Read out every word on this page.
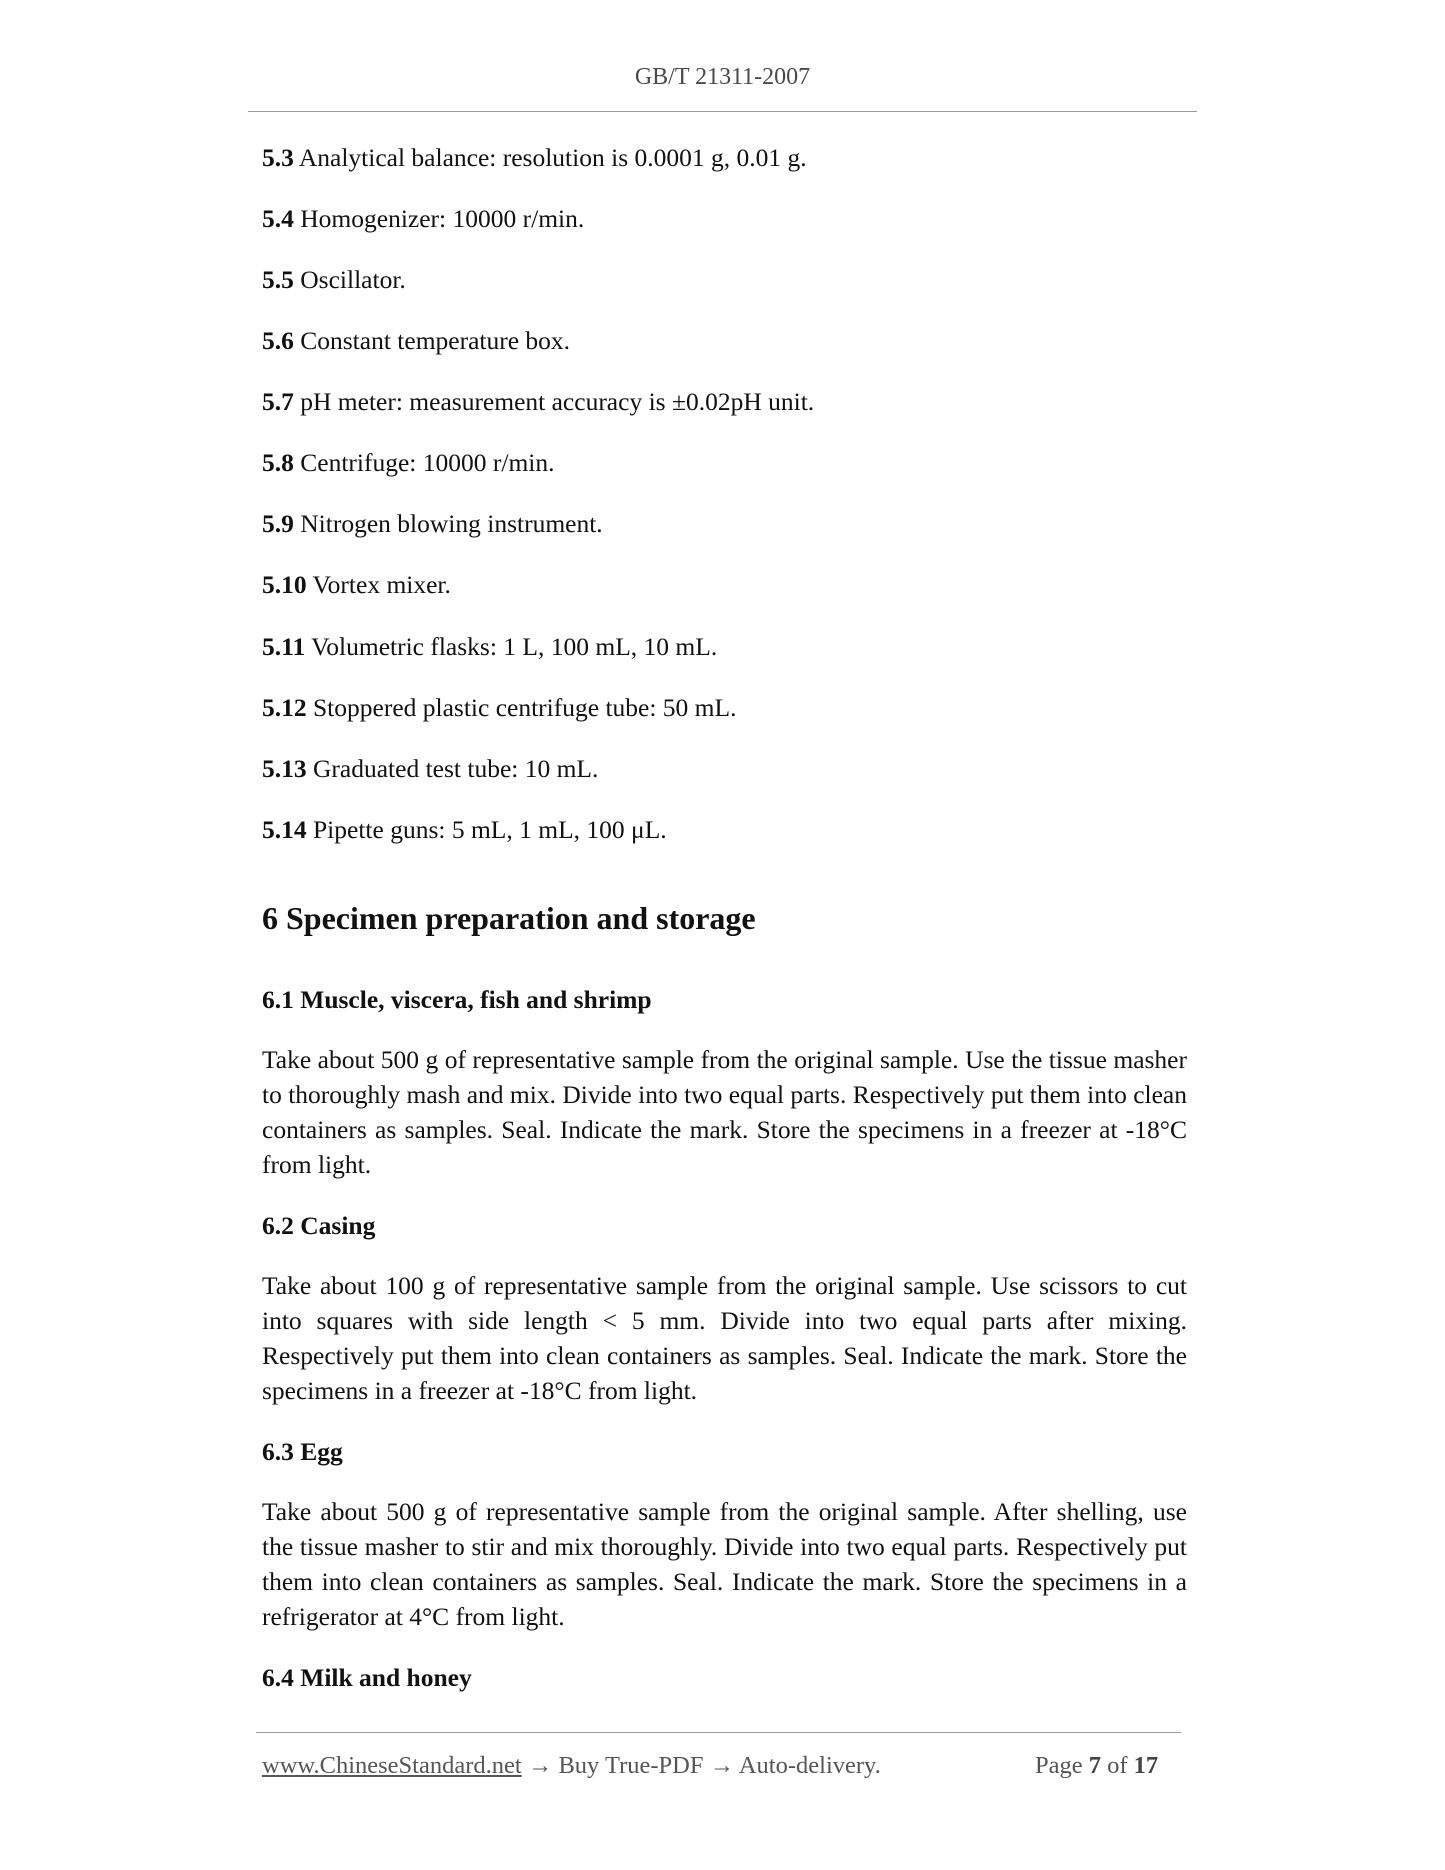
GB/T 21311-2007

5.3 Analytical balance: resolution is 0.0001 g, 0.01 g.

5.4 Homogenizer: 10000 r/min.

5.5 Oscillator.

5.6 Constant temperature box.

5.7 pH meter: measurement accuracy is ±0.02pH unit.

5.8 Centrifuge: 10000 r/min.

5.9 Nitrogen blowing instrument.

5.10 Vortex mixer.

5.11 Volumetric flasks: 1 L, 100 mL, 10 mL.

5.12 Stoppered plastic centrifuge tube: 50 mL.

5.13 Graduated test tube: 10 mL.

5.14 Pipette guns: 5 mL, 1 mL, 100 μL.

6 Specimen preparation and storage
6.1 Muscle, viscera, fish and shrimp

Take about 500 g of representative sample from the original sample. Use the tissue masher to thoroughly mash and mix. Divide into two equal parts. Respectively put them into clean containers as samples. Seal. Indicate the mark. Store the specimens in a freezer at -18°C from light.

6.2 Casing

Take about 100 g of representative sample from the original sample. Use scissors to cut into squares with side length < 5 mm. Divide into two equal parts after mixing. Respectively put them into clean containers as samples. Seal. Indicate the mark. Store the specimens in a freezer at -18°C from light.

6.3 Egg

Take about 500 g of representative sample from the original sample. After shelling, use the tissue masher to stir and mix thoroughly. Divide into two equal parts. Respectively put them into clean containers as samples. Seal. Indicate the mark. Store the specimens in a refrigerator at 4°C from light.

6.4 Milk and honey
www.ChineseStandard.net → Buy True-PDF → Auto-delivery.	Page 7 of 17
